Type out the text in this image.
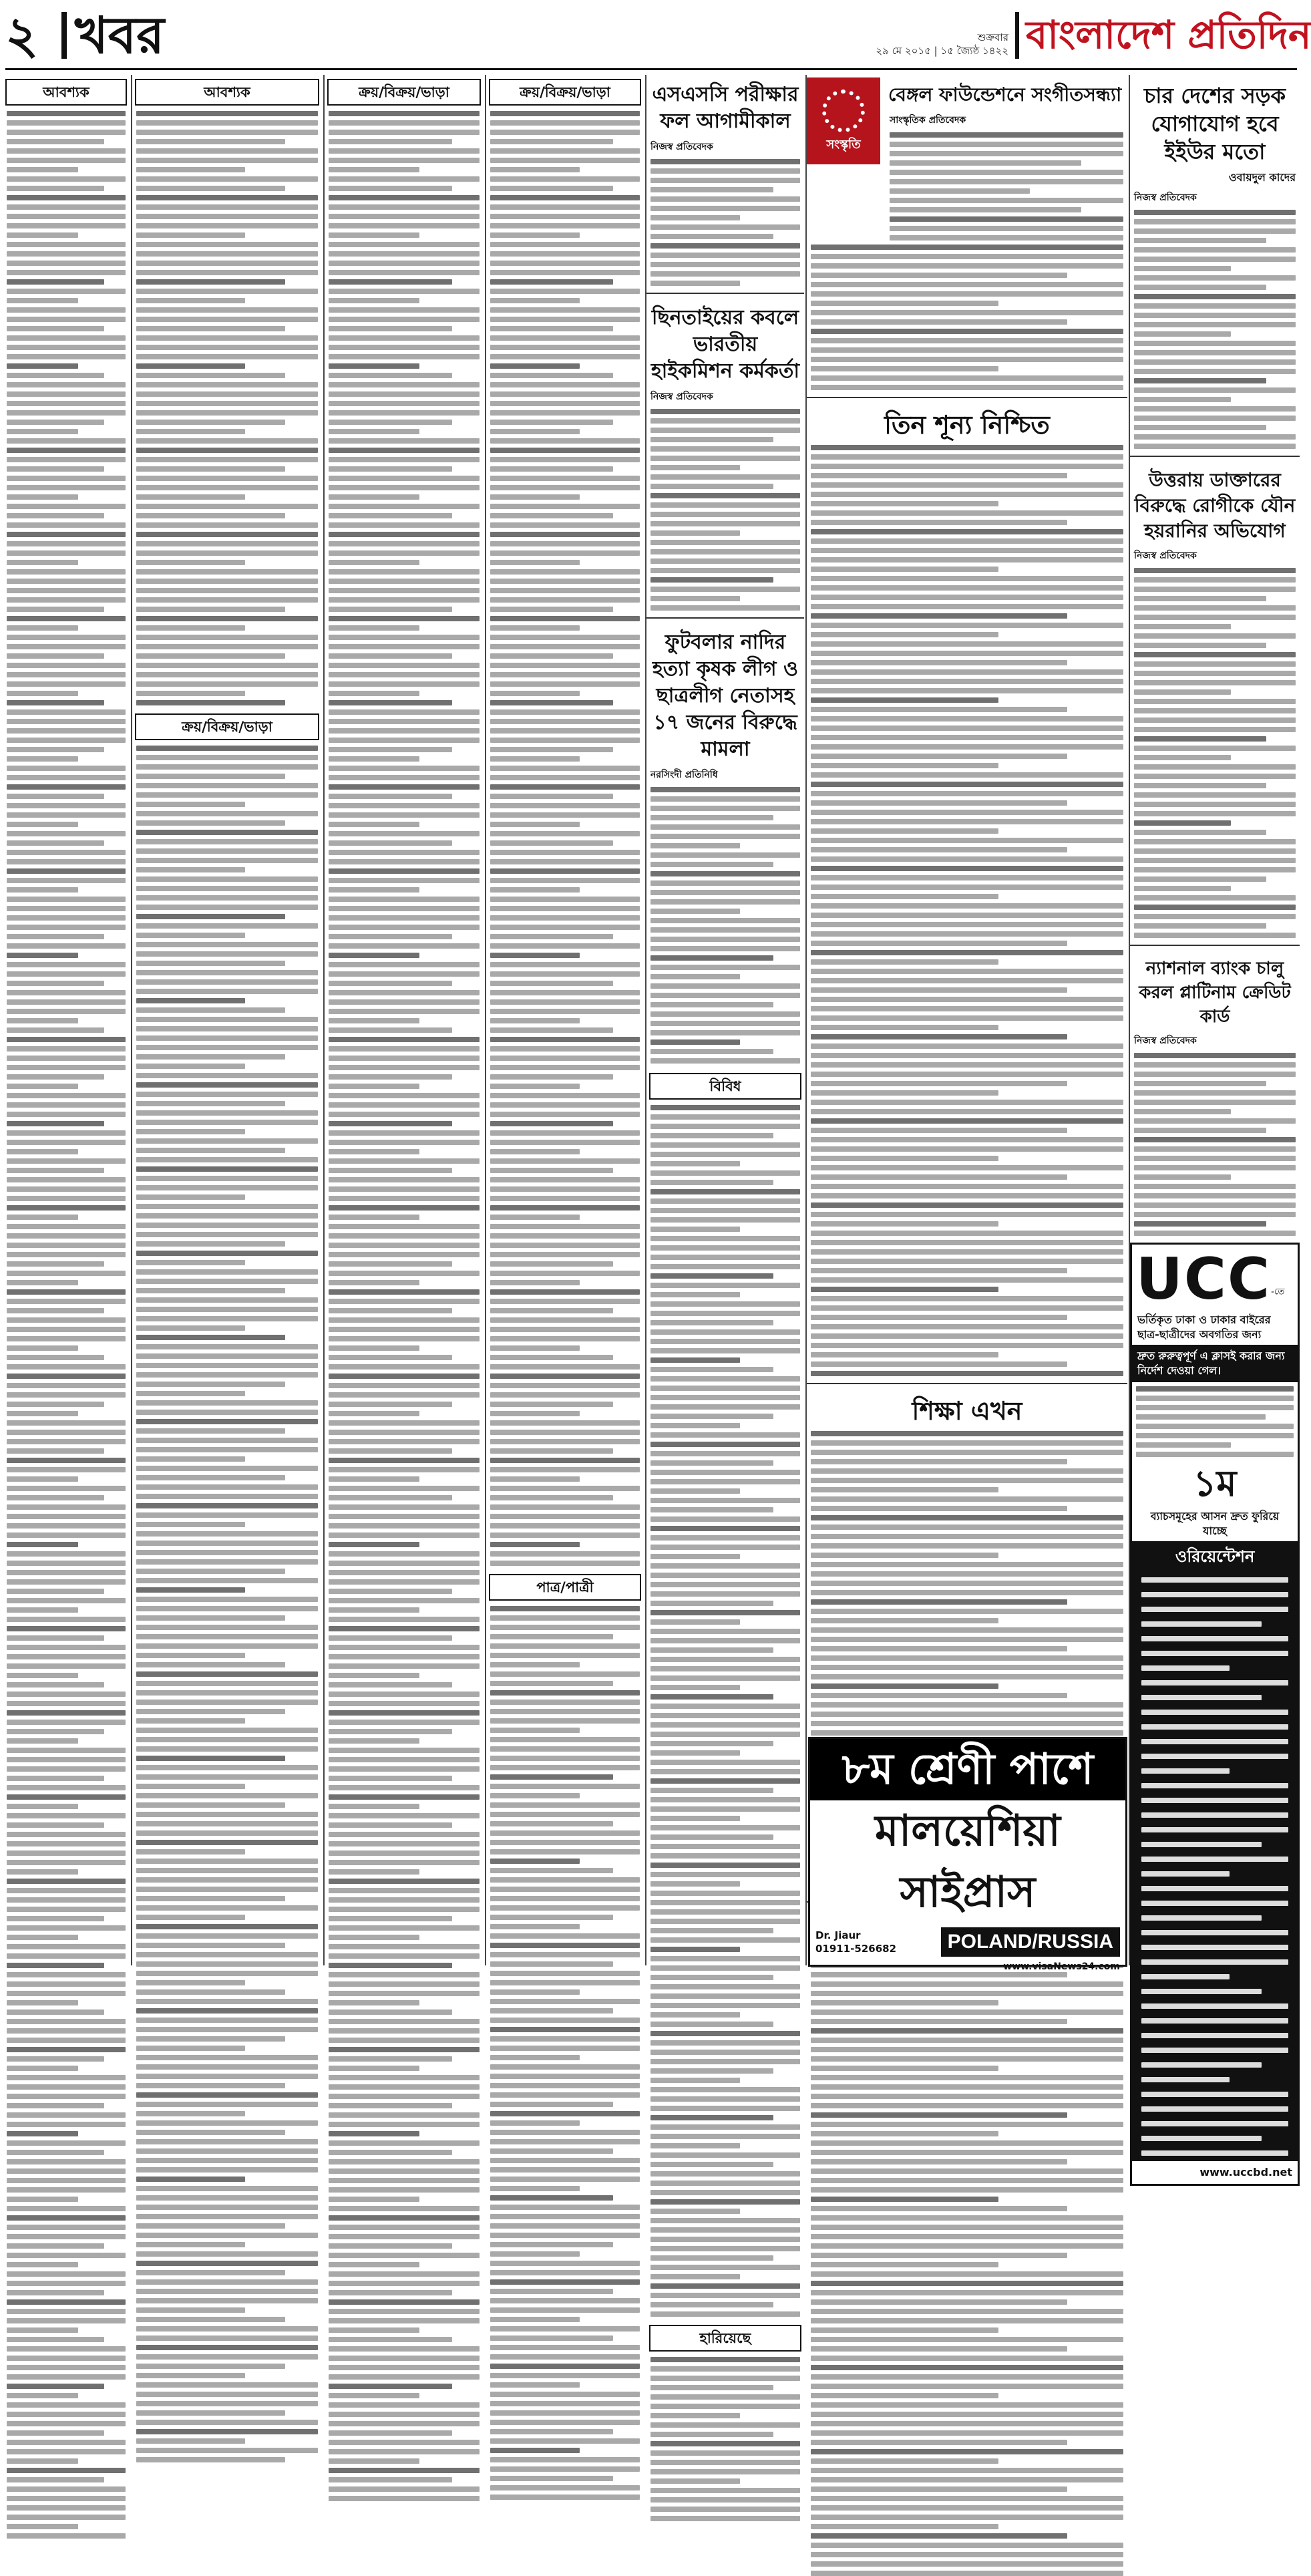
২ খবর	শুক্রবার
২৯ মে ২০১৫ | ১৫ জ্যৈষ্ঠ ১৪২২ বাংলাদেশ প্রতিদিন
আবশ্যক	আবশ্যক
ক্রয়/বিক্রয়/ভাড়া
ক্রয়/বিক্রয়/ভাড়া	ক্রয়/বিক্রয়/ভাড়া
পাত্র/পাত্রী
এসএসসি পরীক্ষার ফল আগামীকাল
নিজস্ব প্রতিবেদক
ছিনতাইয়ের কবলে ভারতীয় হাইকমিশন কর্মকর্তা
নিজস্ব প্রতিবেদক
ফুটবলার নাদির হত্যা কৃষক লীগ ও ছাত্রলীগ নেতাসহ ১৭ জনের বিরুদ্ধে মামলা
নরসিংদী প্রতিনিধি
বিবিধ
হারিয়েছে
সংস্কৃতি
বেঙ্গল ফাউন্ডেশনে সংগীতসন্ধ্যা
সাংস্কৃতিক প্রতিবেদক
তিন শূন্য নিশ্চিত
শিক্ষা এখন
চার দেশের সড়ক যোগাযোগ হবে ইইউর মতো
ওবায়দুল কাদের
নিজস্ব প্রতিবেদক
উত্তরায় ডাক্তারের বিরুদ্ধে রোগীকে যৌন হয়রানির অভিযোগ
নিজস্ব প্রতিবেদক
ন্যাশনাল ব্যাংক চালু করল প্লাটিনাম ক্রেডিট কার্ড
নিজস্ব প্রতিবেদক
$UCC^{-তে}$
ভর্তিকৃত ঢাকা ও ঢাকার বাইরের ছাত্র-ছাত্রীদের অবগতির জন্য
দ্রুত রুরুত্বপূর্ণ এ ক্লাসই করার জন্য নির্দেশ দেওয়া গেল।
১ম
ব্যাচসমূহের আসন দ্রুত ফুরিয়ে যাচ্ছে
ওরিয়েন্টেশন
www.uccbd.net
৮ম শ্রেণী পাশে
মালয়েশিয়া সাইপ্রাস
Dr. Jiaur
01911-526682	POLAND/RUSSIA
www.visaNews24.com
